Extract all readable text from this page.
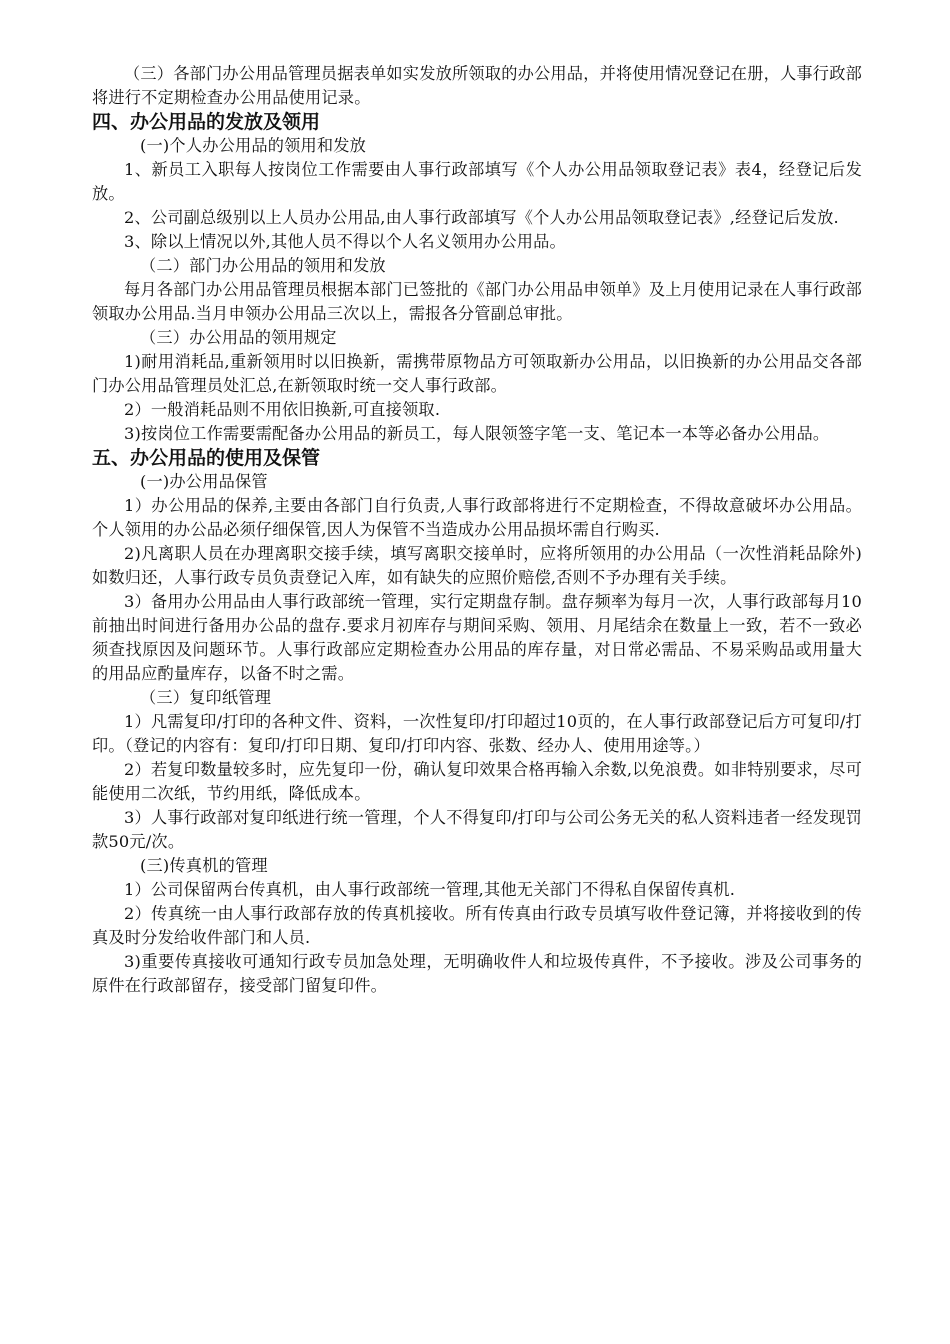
（三）各部门办公用品管理员据表单如实发放所领取的办公用品，并将使用情况登记在册，人事行政部将进行不定期检查办公用品使用记录。

四、办公用品的发放及领用

(一)个人办公用品的领用和发放

1、新员工入职每人按岗位工作需要由人事行政部填写《个人办公用品领取登记表》表4，经登记后发放。

2、公司副总级别以上人员办公用品,由人事行政部填写《个人办公用品领取登记表》,经登记后发放.

3、除以上情况以外,其他人员不得以个人名义领用办公用品。

（二）部门办公用品的领用和发放

每月各部门办公用品管理员根据本部门已签批的《部门办公用品申领单》及上月使用记录在人事行政部领取办公用品.当月申领办公用品三次以上，需报各分管副总审批。

（三）办公用品的领用规定

1)耐用消耗品,重新领用时以旧换新，需携带原物品方可领取新办公用品，以旧换新的办公用品交各部门办公用品管理员处汇总,在新领取时统一交人事行政部。

2）一般消耗品则不用依旧换新,可直接领取.

3)按岗位工作需要需配备办公用品的新员工，每人限领签字笔一支、笔记本一本等必备办公用品。

五、办公用品的使用及保管

(一)办公用品保管

1）办公用品的保养,主要由各部门自行负责,人事行政部将进行不定期检查，不得故意破坏办公用品。个人领用的办公品必须仔细保管,因人为保管不当造成办公用品损坏需自行购买.

2)凡离职人员在办理离职交接手续，填写离职交接单时，应将所领用的办公用品（一次性消耗品除外)如数归还，人事行政专员负责登记入库，如有缺失的应照价赔偿,否则不予办理有关手续。

3）备用办公用品由人事行政部统一管理，实行定期盘存制。盘存频率为每月一次，人事行政部每月10前抽出时间进行备用办公品的盘存.要求月初库存与期间采购、领用、月尾结余在数量上一致，若不一致必须查找原因及问题环节。人事行政部应定期检查办公用品的库存量，对日常必需品、不易采购品或用量大的用品应酌量库存，以备不时之需。

（三）复印纸管理

1）凡需复印/打印的各种文件、资料，一次性复印/打印超过10页的，在人事行政部登记后方可复印/打印。（登记的内容有：复印/打印日期、复印/打印内容、张数、经办人、使用用途等。）

2）若复印数量较多时，应先复印一份，确认复印效果合格再输入余数,以免浪费。如非特别要求，尽可能使用二次纸，节约用纸，降低成本。

3）人事行政部对复印纸进行统一管理，个人不得复印/打印与公司公务无关的私人资料违者一经发现罚款50元/次。

(三)传真机的管理

1）公司保留两台传真机，由人事行政部统一管理,其他无关部门不得私自保留传真机.

2）传真统一由人事行政部存放的传真机接收。所有传真由行政专员填写收件登记簿，并将接收到的传真及时分发给收件部门和人员.

3)重要传真接收可通知行政专员加急处理，无明确收件人和垃圾传真件，不予接收。涉及公司事务的原件在行政部留存，接受部门留复印件。
